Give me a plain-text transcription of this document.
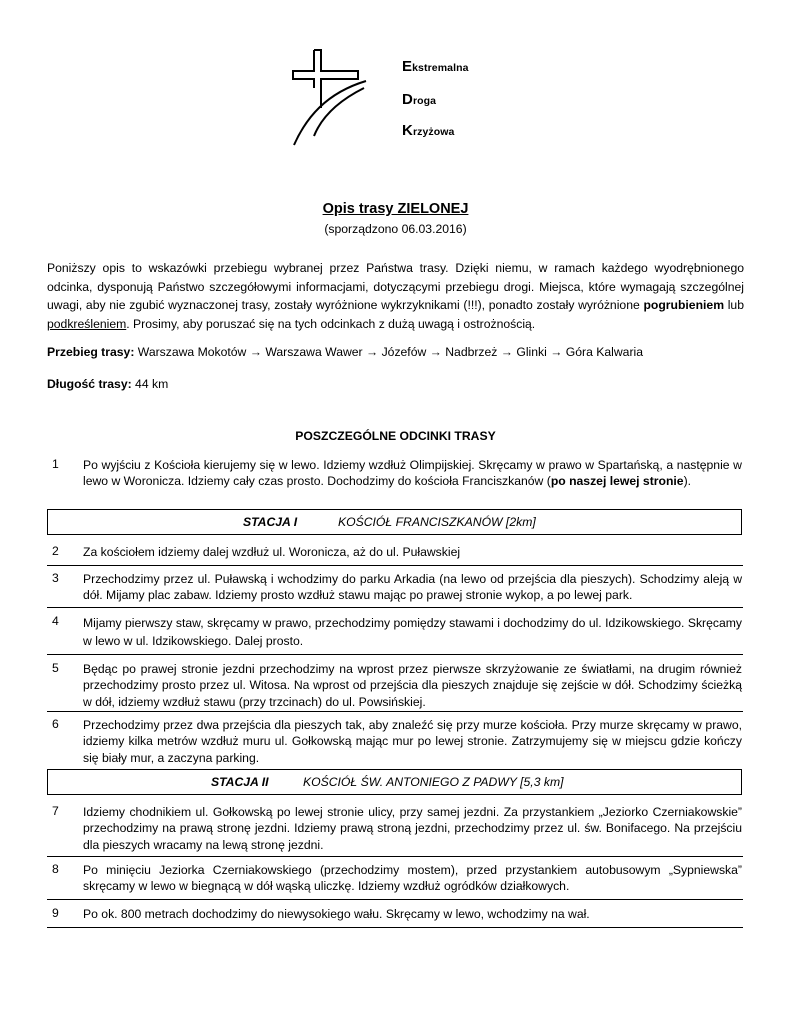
Ekstremalna
Droga
Krzyżowa
Opis trasy ZIELONEJ
(sporządzono 06.03.2016)
Poniższy opis to wskazówki przebiegu wybranej przez Państwa trasy. Dzięki niemu, w ramach każdego wyodrębnionego odcinka, dysponują Państwo szczegółowymi informacjami, dotyczącymi przebiegu drogi. Miejsca, które wymagają szczególnej uwagi, aby nie zgubić wyznaczonej trasy, zostały wyróżnione wykrzyknikami (!!!), ponadto zostały wyróżnione pogrubieniem lub podkreśleniem. Prosimy, aby poruszać się na tych odcinkach z dużą uwagą i ostrożnością.
Przebieg trasy: Warszawa Mokotów → Warszawa Wawer → Józefów → Nadbrzeż → Glinki → Góra Kalwaria
Długość trasy: 44 km
POSZCZEGÓLNE ODCINKI TRASY
1 Po wyjściu z Kościoła kierujemy się w lewo. Idziemy wzdłuż Olimpijskiej. Skręcamy w prawo w Spartańską, a następnie w lewo w Woronicza. Idziemy cały czas prosto. Dochodzimy do kościoła Franciszkanów (po naszej lewej stronie).
STACJA I	KOŚCIÓŁ FRANCISZKANÓW [2km]
2 Za kościołem idziemy dalej wzdłuż ul. Woronicza, aż do ul. Puławskiej
3 Przechodzimy przez ul. Puławską i wchodzimy do parku Arkadia (na lewo od przejścia dla pieszych). Schodzimy aleją w dół. Mijamy plac zabaw. Idziemy prosto wzdłuż stawu mając po prawej stronie wykop, a po lewej park.
4 Mijamy pierwszy staw, skręcamy w prawo, przechodzimy pomiędzy stawami i dochodzimy do ul. Idzikowskiego. Skręcamy w lewo w ul. Idzikowskiego. Dalej prosto.
5 Będąc po prawej stronie jezdni przechodzimy na wprost przez pierwsze skrzyżowanie ze światłami, na drugim również przechodzimy prosto przez ul. Witosa. Na wprost od przejścia dla pieszych znajduje się zejście w dół. Schodzimy ścieżką w dół, idziemy wzdłuż stawu (przy trzcinach) do ul. Powsińskiej.
6 Przechodzimy przez dwa przejścia dla pieszych tak, aby znaleźć się przy murze kościoła. Przy murze skręcamy w prawo, idziemy kilka metrów wzdłuż muru ul. Gołkowską mając mur po lewej stronie. Zatrzymujemy się w miejscu gdzie kończy się biały mur, a zaczyna parking.
STACJA II	KOŚCIÓŁ ŚW. ANTONIEGO Z PADWY [5,3 km]
7 Idziemy chodnikiem ul. Gołkowską po lewej stronie ulicy, przy samej jezdni. Za przystankiem „Jeziorko Czerniakowskie” przechodzimy na prawą stronę jezdni. Idziemy prawą stroną jezdni, przechodzimy przez ul. św. Bonifacego. Na przejściu dla pieszych wracamy na lewą stronę jezdni.
8 Po minięciu Jeziorka Czerniakowskiego (przechodzimy mostem), przed przystankiem autobusowym „Sypniewska” skręcamy w lewo w biegnącą w dół wąską uliczkę. Idziemy wzdłuż ogródków działkowych.
9 Po ok. 800 metrach dochodzimy do niewysokiego wału. Skręcamy w lewo, wchodzimy na wał.
